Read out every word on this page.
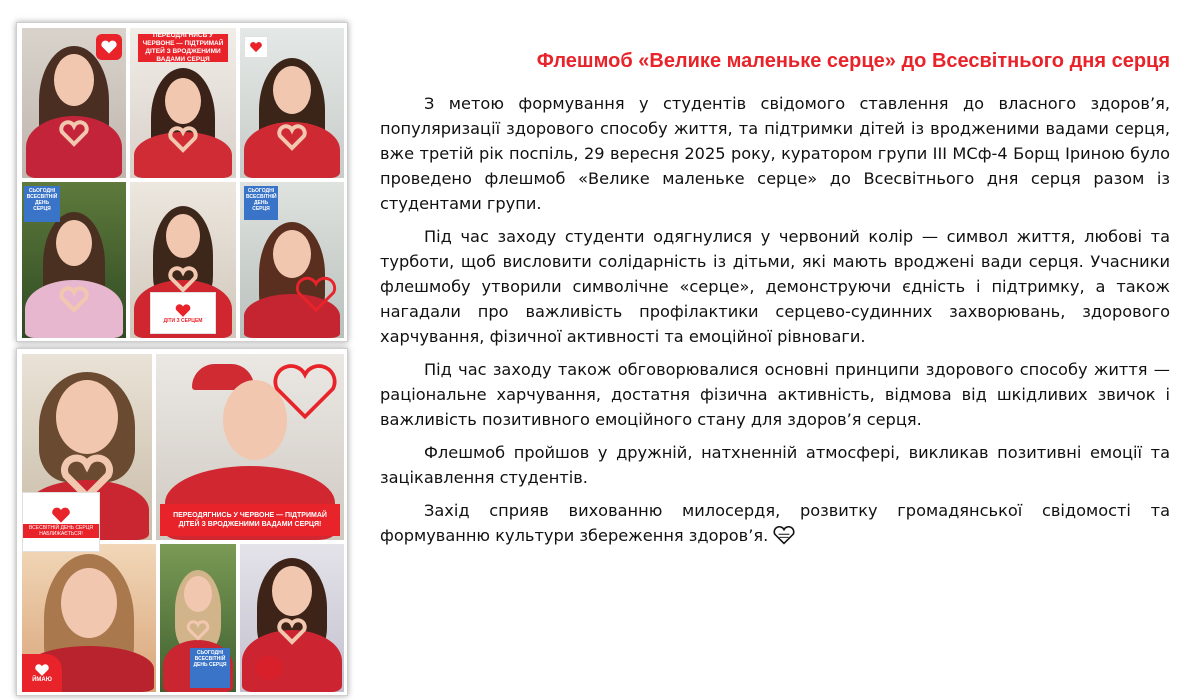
ПЕРЕОДЯГНИСЬ У ЧЕРВОНЕ — ПІДТРИМАЙ ДІТЕЙ З ВРОДЖЕНИМИ ВАДАМИ СЕРЦЯ
СЬОГОДНІ ВСЕСВІТНІЙ ДЕНЬ СЕРЦЯ
ДІТИ З СЕРЦЕМ
СЬОГОДНІ ВСЕСВІТНІЙ ДЕНЬ СЕРЦЯ
ПЕРЕОДЯГНИСЬ У ЧЕРВОНЕ — ПІДТРИМАЙ ДІТЕЙ З ВРОДЖЕНИМИ ВАДАМИ СЕРЦЯ!
ВСЕСВІТНІЙ ДЕНЬ СЕРЦЯ НАБЛИЖАЄТЬСЯ!
ЙМАЮ
СЬОГОДНІ ВСЕСВІТНІЙ ДЕНЬ СЕРЦЯ
Флешмоб «Велике маленьке серце» до Всесвітнього дня серця

З метою формування у студентів свідомого ставлення до власного здоров’я, популяризації здорового способу життя, та підтримки дітей із вродженими вадами серця, вже третій рік поспіль, 29 вересня 2025 року, куратором групи ІІІ МСф-4 Борщ Іриною було проведено флешмоб «Велике маленьке серце» до Всесвітнього дня серця разом із студентами групи.

Під час заходу студенти одягнулися у червоний колір — символ життя, любові та турботи, щоб висловити солідарність із дітьми, які мають вроджені вади серця. Учасники флешмобу утворили символічне «серце», демонструючи єдність і підтримку, а також нагадали про важливість профілактики серцево-судинних захворювань, здорового харчування, фізичної активності та емоційної рівноваги.

Під час заходу також обговорювалися основні принципи здорового способу життя — раціональне харчування, достатня фізична активність, відмова від шкідливих звичок і важливість позитивного емоційного стану для здоров’я серця.

Флешмоб пройшов у дружній, натхненній атмосфері, викликав позитивні емоції та зацікавлення студентів.

Захід сприяв вихованню милосердя, розвитку громадянської свідомості та формуванню культури збереження здоров’я.
